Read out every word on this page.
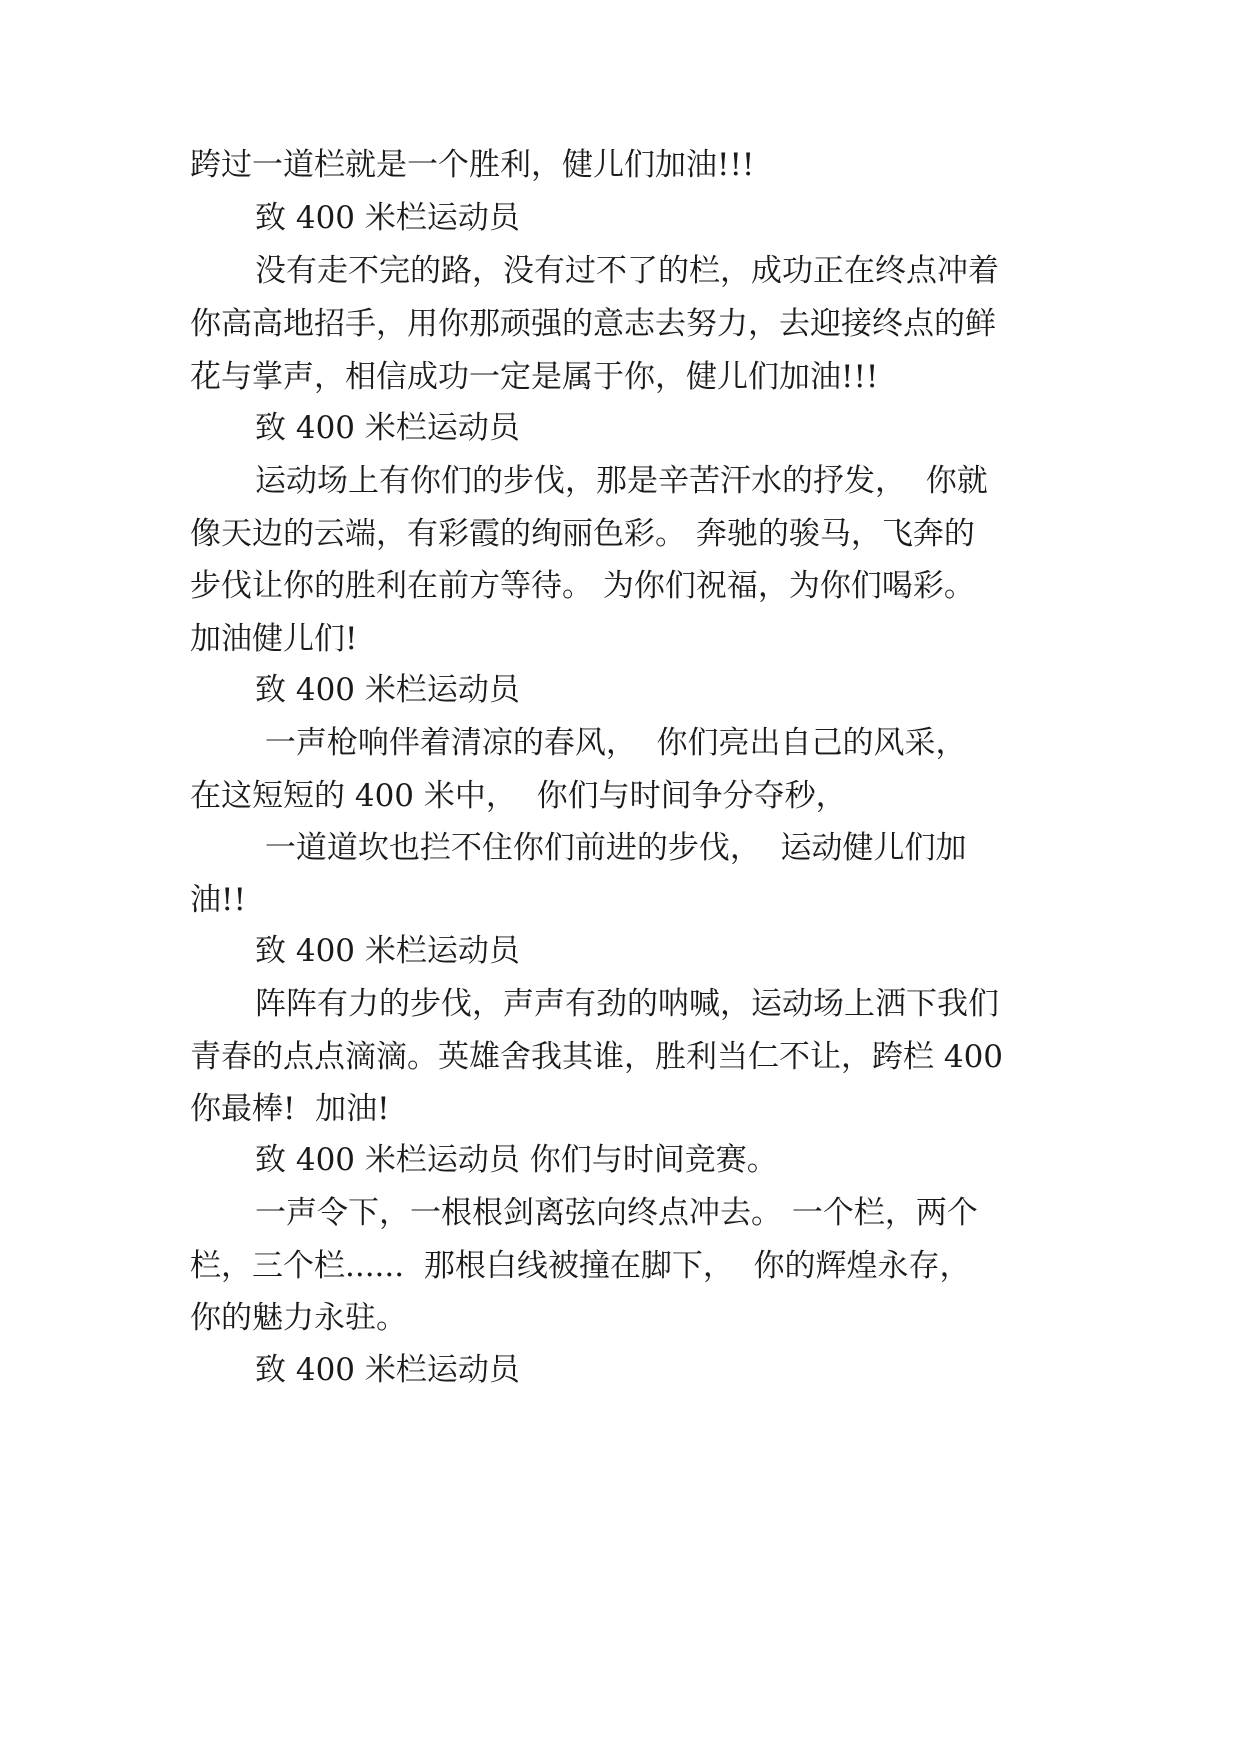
跨过一道栏就是一个胜利，健儿们加油!!!
致 400 米栏运动员
没有走不完的路，没有过不了的栏，成功正在终点冲着
你高高地招手，用你那顽强的意志去努力，去迎接终点的鲜
花与掌声，相信成功一定是属于你，健儿们加油!!!
致 400 米栏运动员
运动场上有你们的步伐，那是辛苦汗水的抒发，  你就
像天边的云端，有彩霞的绚丽色彩。 奔驰的骏马，飞奔的
步伐让你的胜利在前方等待。 为你们祝福，为你们喝彩。
加油健儿们!
致 400 米栏运动员
一声枪响伴着清凉的春风，  你们亮出自己的风采，
在这短短的 400 米中，  你们与时间争分夺秒，
一道道坎也拦不住你们前进的步伐，  运动健儿们加
油!!
致 400 米栏运动员
阵阵有力的步伐，声声有劲的呐喊，运动场上洒下我们
青春的点点滴滴。英雄舍我其谁，胜利当仁不让，跨栏 400
你最棒!  加油!
致 400 米栏运动员 你们与时间竞赛。
一声令下，一根根剑离弦向终点冲去。 一个栏，两个
栏，三个栏......  那根白线被撞在脚下，  你的辉煌永存，
你的魅力永驻。
致 400 米栏运动员
